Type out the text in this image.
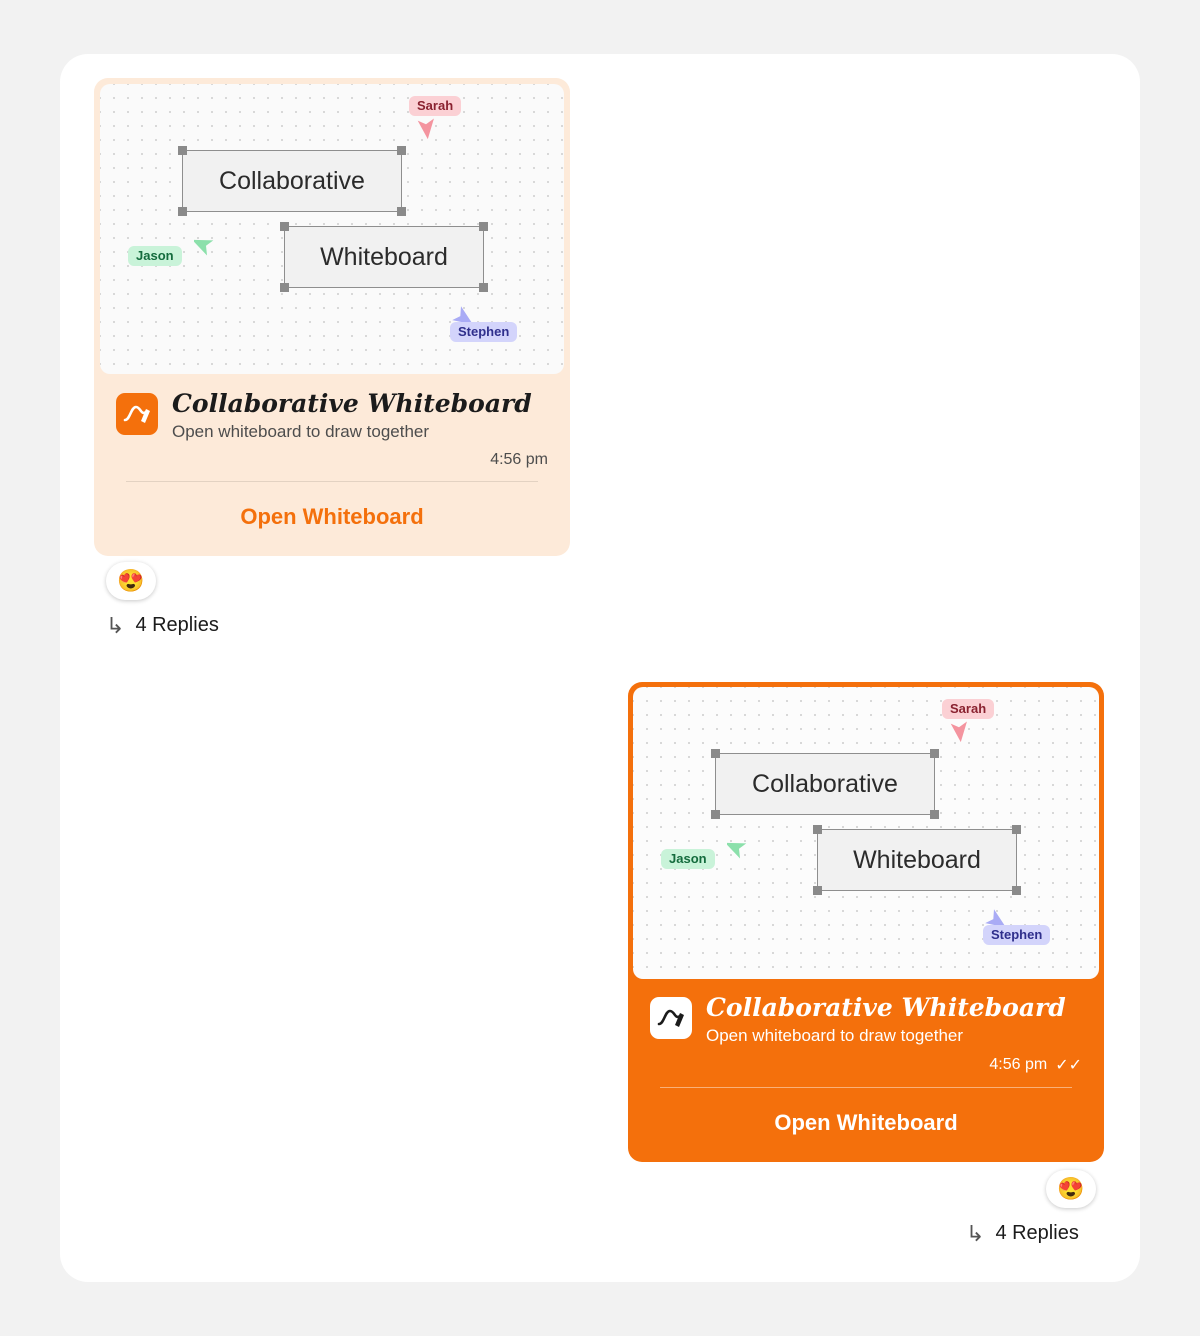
Sarah
Jason
Stephen
Collaborative
Whiteboard
Collaborative Whiteboard
Open whiteboard to draw together
4:56 pm
Open Whiteboard
😍
↳ 4 Replies
Sarah
Jason
Stephen
Collaborative
Whiteboard
Collaborative Whiteboard
Open whiteboard to draw together
4:56 pm ✓✓
Open Whiteboard
😍
↳ 4 Replies
